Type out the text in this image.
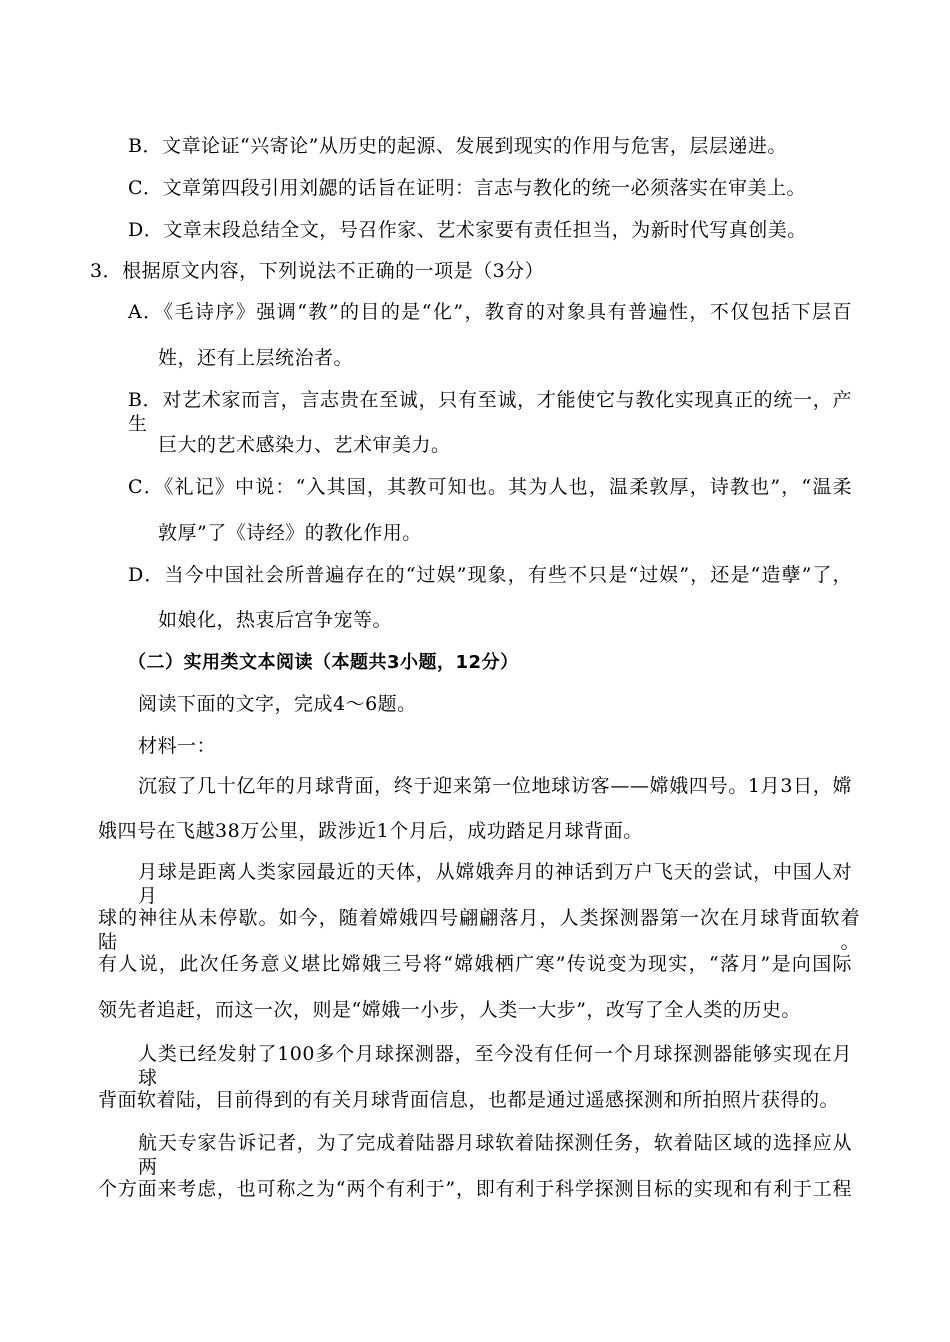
B．文章论证“兴寄论”从历史的起源、发展到现实的作用与危害，层层递进。
C．文章第四段引用刘勰的话旨在证明：言志与教化的统一必须落实在审美上。
D．文章末段总结全文，号召作家、艺术家要有责任担当，为新时代写真创美。
3．根据原文内容，下列说法不正确的一项是（3分）
A．《毛诗序》强调“教”的目的是“化”，教育的对象具有普遍性，不仅包括下层百
姓，还有上层统治者。
B．对艺术家而言，言志贵在至诚，只有至诚，才能使它与教化实现真正的统一，产生
巨大的艺术感染力、艺术审美力。
C．《礼记》中说：“入其国，其教可知也。其为人也，温柔敦厚，诗教也”，“温柔
敦厚”了《诗经》的教化作用。
D．当今中国社会所普遍存在的“过娱”现象，有些不只是“过娱”，还是“造孽”了，
如娘化，热衷后宫争宠等。
（二）实用类文本阅读（本题共3小题，12分）
阅读下面的文字，完成4～6题。
材料一：
沉寂了几十亿年的月球背面，终于迎来第一位地球访客——嫦娥四号。1月3日，嫦
娥四号在飞越38万公里，跋涉近1个月后，成功踏足月球背面。
月球是距离人类家园最近的天体，从嫦娥奔月的神话到万户飞天的尝试，中国人对月
球的神往从未停歇。如今，随着嫦娥四号翩翩落月，人类探测器第一次在月球背面软着陆。
有人说，此次任务意义堪比嫦娥三号将“嫦娥栖广寒”传说变为现实，“落月”是向国际
领先者追赶，而这一次，则是“嫦娥一小步，人类一大步”，改写了全人类的历史。
人类已经发射了100多个月球探测器，至今没有任何一个月球探测器能够实现在月球
背面软着陆，目前得到的有关月球背面信息，也都是通过遥感探测和所拍照片获得的。
航天专家告诉记者，为了完成着陆器月球软着陆探测任务，软着陆区域的选择应从两
个方面来考虑，也可称之为“两个有利于”，即有利于科学探测目标的实现和有利于工程
